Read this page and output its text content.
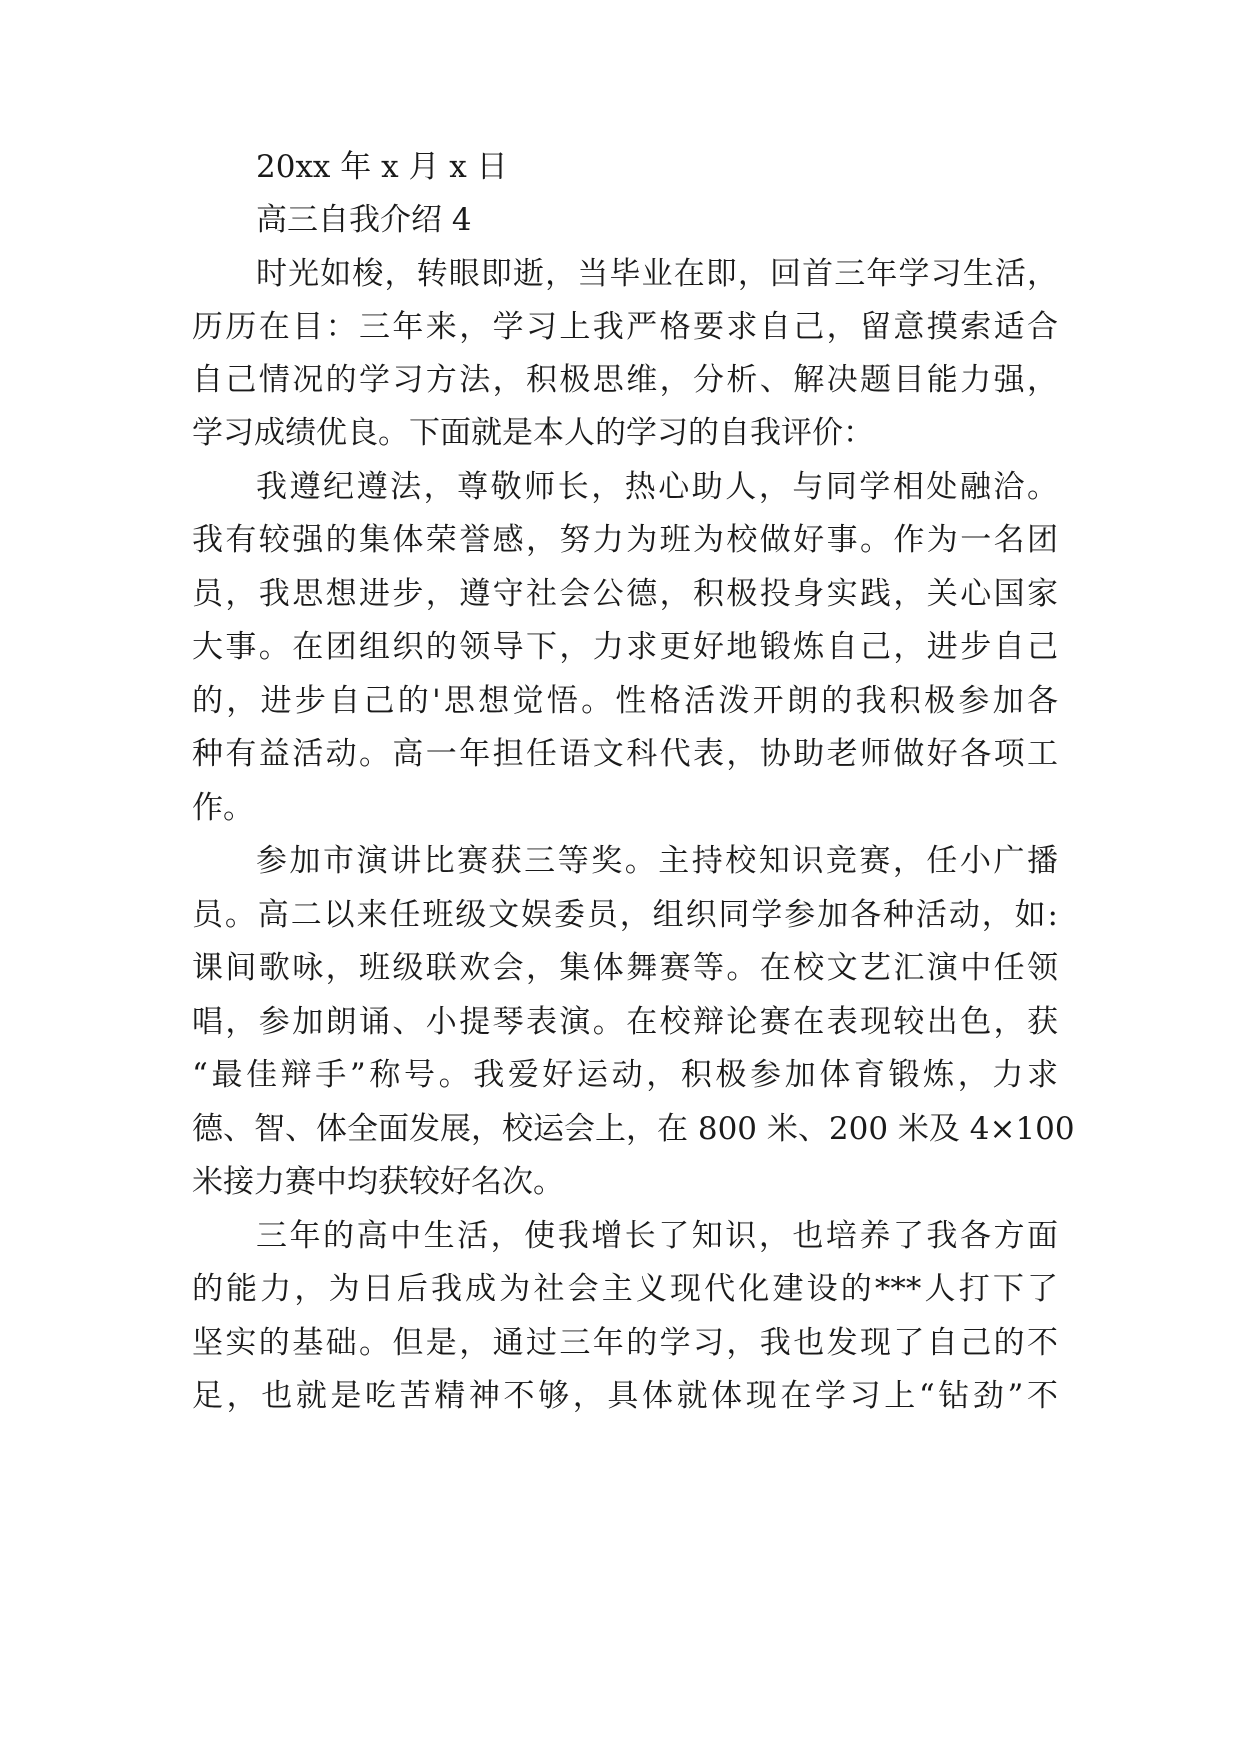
20xx 年 x 月 x 日
高三自我介绍 4
时光如梭，转眼即逝，当毕业在即，回首三年学习生活，
历历在目：三年来，学习上我严格要求自己，留意摸索适合
自己情况的学习方法，积极思维，分析、解决题目能力强，
学习成绩优良。下面就是本人的学习的自我评价：
我遵纪遵法，尊敬师长，热心助人，与同学相处融洽。
我有较强的集体荣誉感，努力为班为校做好事。作为一名团
员，我思想进步，遵守社会公德，积极投身实践，关心国家
大事。在团组织的领导下，力求更好地锻炼自己，进步自己
的，进步自己的'思想觉悟。性格活泼开朗的我积极参加各
种有益活动。高一年担任语文科代表，协助老师做好各项工
作。
参加市演讲比赛获三等奖。主持校知识竞赛，任小广播
员。高二以来任班级文娱委员，组织同学参加各种活动，如:
课间歌咏，班级联欢会，集体舞赛等。在校文艺汇演中任领
唱，参加朗诵、小提琴表演。在校辩论赛在表现较出色，获
“最佳辩手”称号。我爱好运动，积极参加体育锻炼，力求
德、智、体全面发展，校运会上，在 800 米、200 米及 4×100
米接力赛中均获较好名次。
三年的高中生活，使我增长了知识，也培养了我各方面
的能力，为日后我成为社会主义现代化建设的***人打下了
坚实的基础。但是，通过三年的学习，我也发现了自己的不
足，也就是吃苦精神不够，具体就体现在学习上“钻劲”不
